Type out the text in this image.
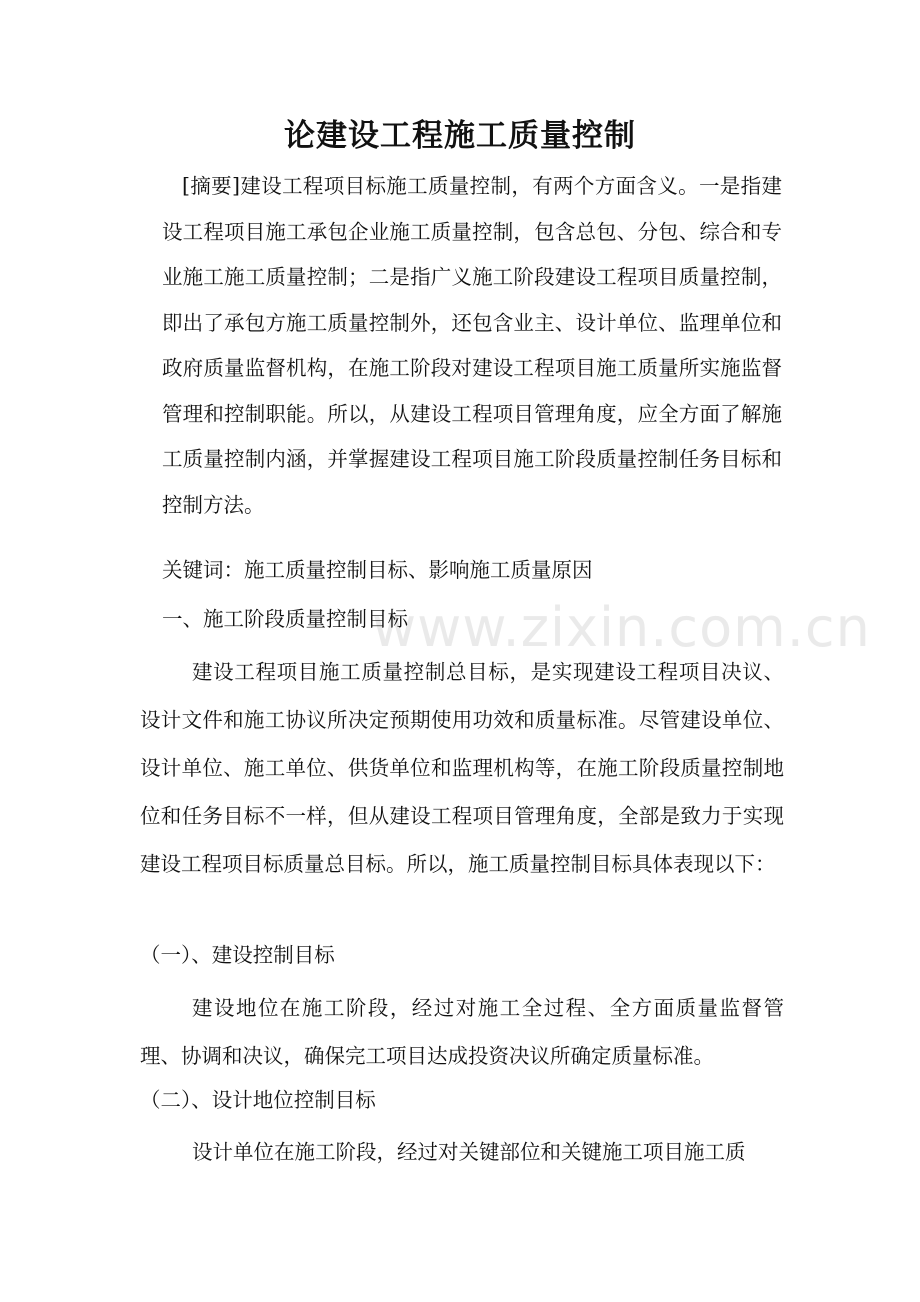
www.zixin.com.cn
论建设工程施工质量控制

[摘要]建设工程项目标施工质量控制，有两个方面含义。一是指建设工程项目施工承包企业施工质量控制，包含总包、分包、综合和专业施工施工质量控制；二是指广义施工阶段建设工程项目质量控制，即出了承包方施工质量控制外，还包含业主、设计单位、监理单位和政府质量监督机构，在施工阶段对建设工程项目施工质量所实施监督管理和控制职能。所以，从建设工程项目管理角度，应全方面了解施工质量控制内涵，并掌握建设工程项目施工阶段质量控制任务目标和控制方法。

关键词：施工质量控制目标、影响施工质量原因

一、施工阶段质量控制目标

建设工程项目施工质量控制总目标，是实现建设工程项目决议、设计文件和施工协议所决定预期使用功效和质量标准。尽管建设单位、设计单位、施工单位、供货单位和监理机构等，在施工阶段质量控制地位和任务目标不一样，但从建设工程项目管理角度，全部是致力于实现建设工程项目标质量总目标。所以，施工质量控制目标具体表现以下：

（一）、建设控制目标

建设地位在施工阶段，经过对施工全过程、全方面质量监督管理、协调和决议，确保完工项目达成投资决议所确定质量标准。

（二）、设计地位控制目标

设计单位在施工阶段，经过对关键部位和关键施工项目施工质
